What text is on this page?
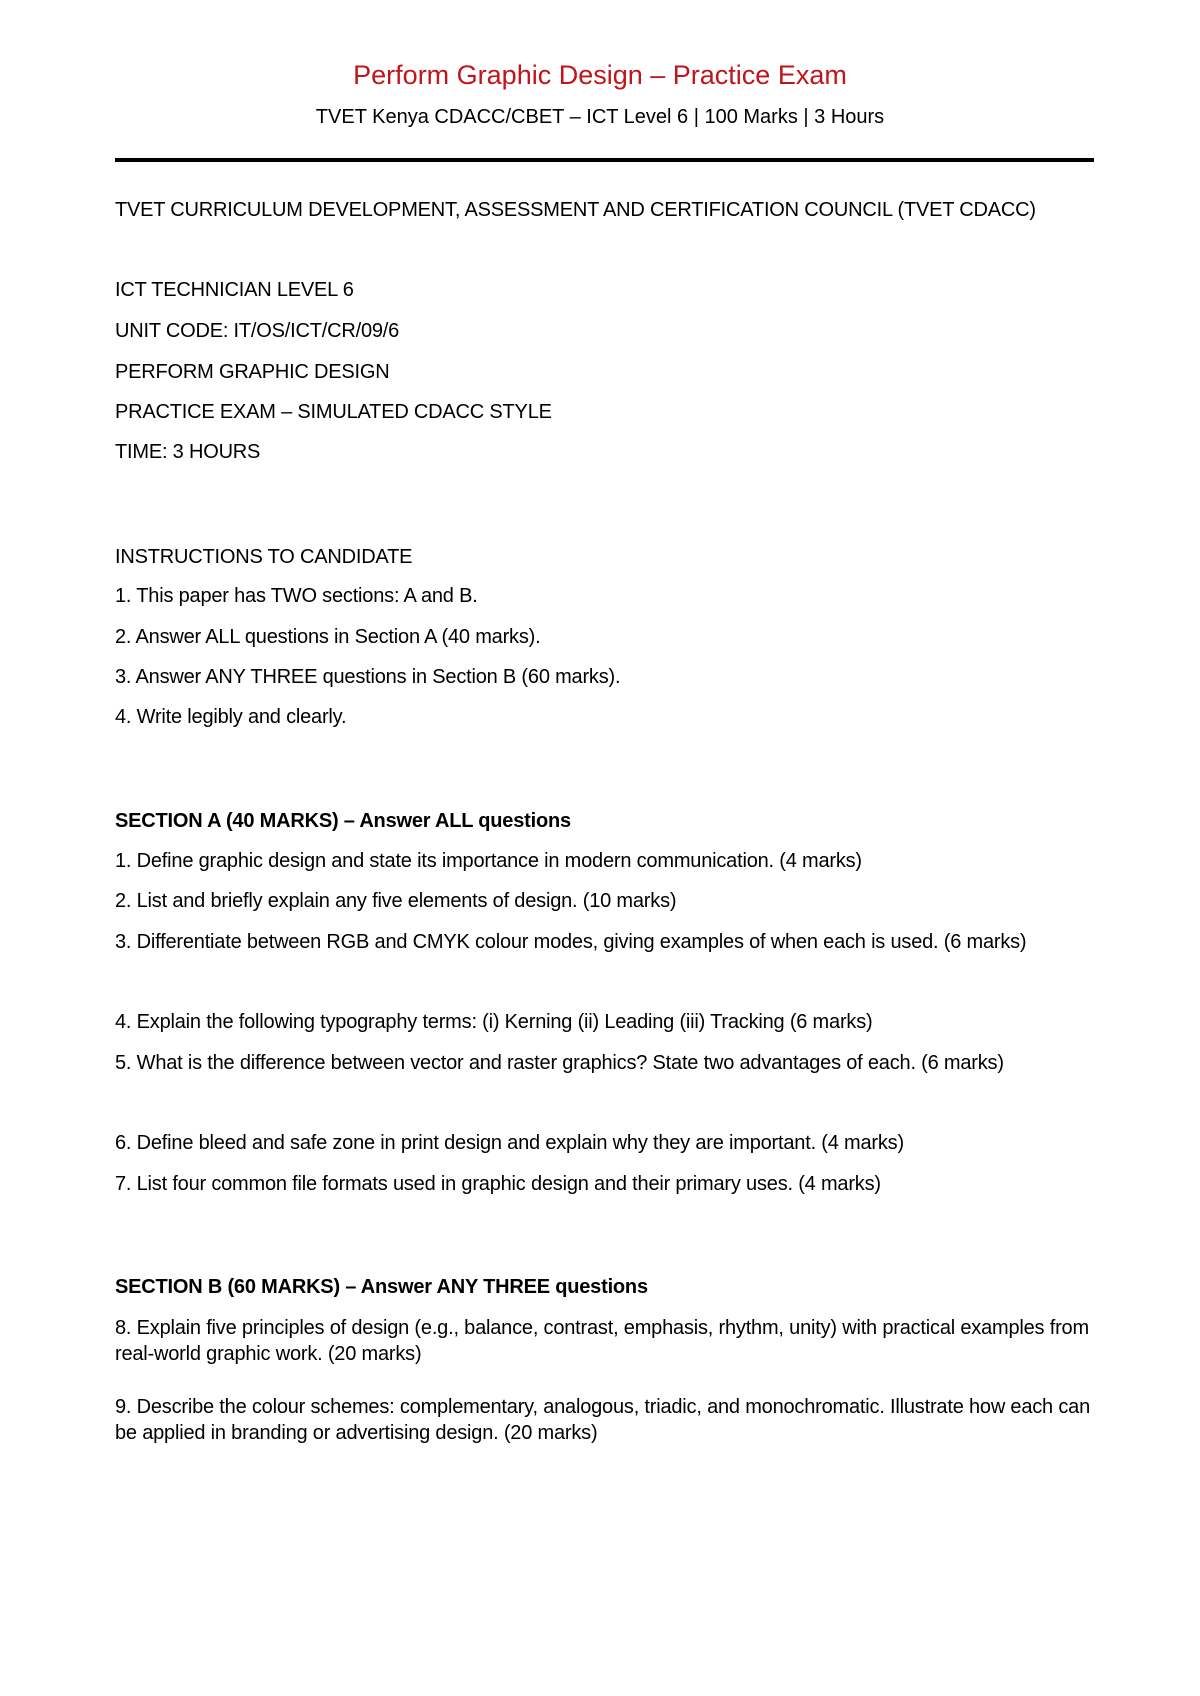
Perform Graphic Design – Practice Exam
TVET Kenya CDACC/CBET – ICT Level 6 | 100 Marks | 3 Hours
TVET CURRICULUM DEVELOPMENT, ASSESSMENT AND CERTIFICATION COUNCIL (TVET CDACC)
ICT TECHNICIAN LEVEL 6
UNIT CODE: IT/OS/ICT/CR/09/6
PERFORM GRAPHIC DESIGN
PRACTICE EXAM – SIMULATED CDACC STYLE
TIME: 3 HOURS
INSTRUCTIONS TO CANDIDATE
1. This paper has TWO sections: A and B.
2. Answer ALL questions in Section A (40 marks).
3. Answer ANY THREE questions in Section B (60 marks).
4. Write legibly and clearly.
SECTION A (40 MARKS) – Answer ALL questions
1. Define graphic design and state its importance in modern communication. (4 marks)
2. List and briefly explain any five elements of design. (10 marks)
3. Differentiate between RGB and CMYK colour modes, giving examples of when each is used. (6 marks)
4. Explain the following typography terms: (i) Kerning (ii) Leading (iii) Tracking (6 marks)
5. What is the difference between vector and raster graphics? State two advantages of each. (6 marks)
6. Define bleed and safe zone in print design and explain why they are important. (4 marks)
7. List four common file formats used in graphic design and their primary uses. (4 marks)
SECTION B (60 MARKS) – Answer ANY THREE questions
8. Explain five principles of design (e.g., balance, contrast, emphasis, rhythm, unity) with practical examples from real-world graphic work. (20 marks)
9. Describe the colour schemes: complementary, analogous, triadic, and monochromatic. Illustrate how each can be applied in branding or advertising design. (20 marks)
